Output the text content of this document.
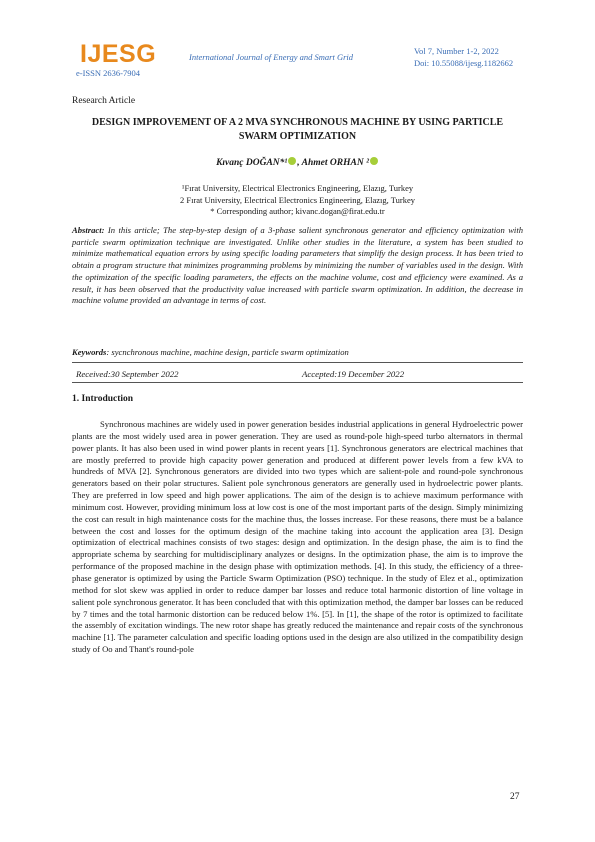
IJESG
e-ISSN 2636-7904
International Journal of Energy and Smart Grid
Vol 7, Number 1-2, 2022
Doi: 10.55088/ijesg.1182662
Research Article
DESIGN IMPROVEMENT OF A 2 MVA SYNCHRONOUS MACHINE BY USING PARTICLE SWARM OPTIMIZATION
Kıvanç DOĞAN*¹ , Ahmet ORHAN ²
¹Fırat University, Electrical Electronics Engineering, Elazıg, Turkey
2 Fırat University, Electrical Electronics Engineering, Elazıg, Turkey
* Corresponding author; kivanc.dogan@firat.edu.tr
Abstract: In this article; The step-by-step design of a 3-phase salient synchronous generator and efficiency optimization with particle swarm optimization technique are investigated. Unlike other studies in the literature, a system has been studied to minimize mathematical equation errors by using specific loading parameters that simplify the design process. It has been tried to obtain a program structure that minimizes programming problems by minimizing the number of variables used in the design. With the optimization of the specific loading parameters, the effects on the machine volume, cost and efficiency were examined. As a result, it has been observed that the productivity value increased with particle swarm optimization. In addition, the decrease in machine volume provided an advantage in terms of cost.
Keywords: sycnchronous machine, machine design, particle swarm optimization
Received:30 September 2022	Accepted:19 December 2022
1. Introduction
Synchronous machines are widely used in power generation besides industrial applications in general Hydroelectric power plants are the most widely used area in power generation. They are used as round-pole high-speed turbo alternators in thermal power plants. It has also been used in wind power plants in recent years [1]. Synchronous generators are electrical machines that are mostly preferred to provide high capacity power generation and produced at different power levels from a few kVA to hundreds of MVA [2]. Synchronous generators are divided into two types which are salient-pole and round-pole synchronous generators based on their polar structures. Salient pole synchronous generators are generally used in hydroelectric power plants. They are preferred in low speed and high power applications. The aim of the design is to achieve maximum performance with minimum cost. However, providing minimum loss at low cost is one of the most important parts of the design. Simply minimizing the cost can result in high maintenance costs for the machine thus, the losses increase. For these reasons, there must be a balance between the cost and losses for the optimum design of the machine taking into account the application area [3]. Design optimization of electrical machines consists of two stages: design and optimization. In the design phase, the aim is to find the appropriate schema by searching for multidisciplinary analyzes or designs. In the optimization phase, the aim is to improve the performance of the proposed machine in the design phase with optimization methods. [4]. In this study, the efficiency of a three-phase generator is optimized by using the Particle Swarm Optimization (PSO) technique. In the study of Elez et al., optimization method for slot skew was applied in order to reduce damper bar losses and reduce total harmonic distortion of line voltage in salient pole synchronous generator. It has been concluded that with this optimization method, the damper bar losses can be reduced by 7 times and the total harmonic distortion can be reduced below 1%. [5]. In [1], the shape of the rotor is optimized to facilitate the assembly of excitation windings. The new rotor shape has greatly reduced the maintenance and repair costs of the synchronous machine [1]. The parameter calculation and specific loading options used in the design are also utilized in the compatibility design study of Oo and Thant's round-pole
27
